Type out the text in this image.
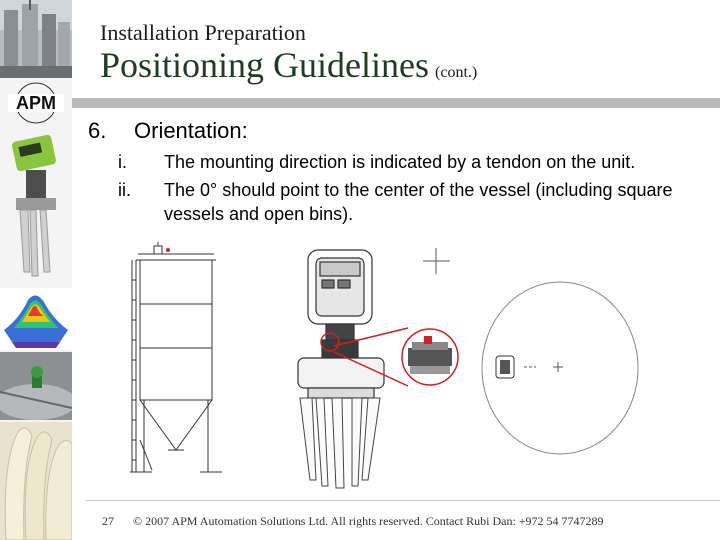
APM
Installation Preparation
Positioning Guidelines (cont.)
6. Orientation:
i. The mounting direction is indicated by a tendon on the unit.
ii. The 0° should point to the center of the vessel (including square vessels and open bins).
27 © 2007 APM Automation Solutions Ltd. All rights reserved. Contact Rubi Dan: +972 54 7747289
